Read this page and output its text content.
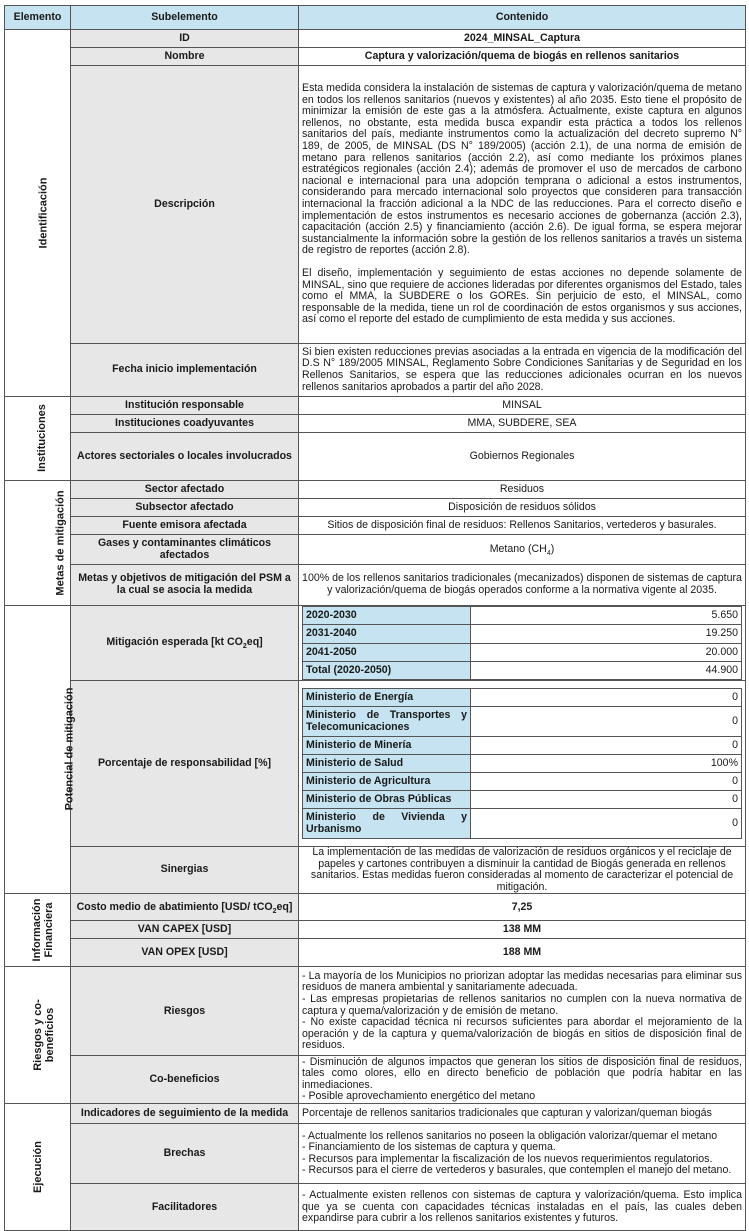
Elemento	Subelemento	Contenido
Identificación	ID	2024_MINSAL_Captura
Nombre	Captura y valorización/quema de biogás en rellenos sanitarios
Descripción	

Esta medida considera la instalación de sistemas de captura y valorización/quema de metano en todos los rellenos sanitarios (nuevos y existentes) al año 2035. Esto tiene el propósito de minimizar la emisión de este gas a la atmósfera. Actualmente, existe captura en algunos rellenos, no obstante, esta medida busca expandir esta práctica a todos los rellenos sanitarios del país, mediante instrumentos como la actualización del decreto supremo N° 189, de 2005, de MINSAL (DS N° 189/2005) (acción 2.1), de una norma de emisión de metano para rellenos sanitarios (acción 2.2), así como mediante los próximos planes estratégicos regionales (acción 2.4); además de promover el uso de mercados de carbono nacional e internacional para una adopción temprana o adicional a estos instrumentos, considerando para mercado internacional solo proyectos que consideren para transacción internacional la fracción adicional a la NDC de las reducciones. Para el correcto diseño e implementación de estos instrumentos es necesario acciones de gobernanza (acción 2.3), capacitación (acción 2.5) y financiamiento (acción 2.6). De igual forma, se espera mejorar sustancialmente la información sobre la gestión de los rellenos sanitarios a través un sistema de registro de reportes (acción 2.8).

El diseño, implementación y seguimiento de estas acciones no depende solamente de MINSAL, sino que requiere de acciones lideradas por diferentes organismos del Estado, tales como el MMA, la SUBDERE o los GOREs. Sin perjuicio de esto, el MINSAL, como responsable de la medida, tiene un rol de coordinación de estos organismos y sus acciones, así como el reporte del estado de cumplimiento de esta medida y sus acciones.

Fecha inicio implementación	Si bien existen reducciones previas asociadas a la entrada en vigencia de la modificación del D.S N° 189/2005 MINSAL, Reglamento Sobre Condiciones Sanitarias y de Seguridad en los Rellenos Sanitarios, se espera que las reducciones adicionales ocurran en los nuevos rellenos sanitarios aprobados a partir del año 2028.
Instituciones	Institución responsable	MINSAL
Instituciones coadyuvantes	MMA, SUBDERE, SEA
Actores sectoriales o locales involucrados	Gobiernos Regionales
Metas de mitigación	Sector afectado	Residuos
Subsector afectado	Disposición de residuos sólidos
Fuente emisora afectada	Sitios de disposición final de residuos: Rellenos Sanitarios, vertederos y basurales.
Gases y contaminantes climáticos afectados	Metano $(CH_4)$
Metas y objetivos de mitigación del PSM a la cual se asocia la medida	100% de los rellenos sanitarios tradicionales (mecanizados) disponen de sistemas de captura y valorización/quema de biogás operados conforme a la normativa vigente al 2035.
Potencial de mitigación	Mitigación esperada [kt $CO_2eq$]	
2020-2030	5.650
2031-2040	19.250
2041-2050	20.000
Total (2020-2050)	44.900

Porcentaje de responsabilidad [%]	
Ministerio de Energía	0
Ministerio de Transportes y Telecomunicaciones	0
Ministerio de Minería	0
Ministerio de Salud	100%
Ministerio de Agricultura	0
Ministerio de Obras Públicas	0
Ministerio de Vivienda y Urbanismo	0

Sinergias	La implementación de las medidas de valorización de residuos orgánicos y el reciclaje de papeles y cartones contribuyen a disminuir la cantidad de Biogás generada en rellenos sanitarios. Estas medidas fueron consideradas al momento de caracterizar el potencial de mitigación.
Información Financiera	Costo medio de abatimiento [USD/ tCO$_2$eq]	7,25
VAN CAPEX [USD]	138 MM
VAN OPEX [USD]	188 MM
Riesgos y co-beneficios	Riesgos	
- La mayoría de los Municipios no priorizan adoptar las medidas necesarias para eliminar sus residuos de manera ambiental y sanitariamente adecuada.
- Las empresas propietarias de rellenos sanitarios no cumplen con la nueva normativa de captura y quema/valorización y de emisión de metano.
- No existe capacidad técnica ni recursos suficientes para abordar el mejoramiento de la operación y de la captura y quema/valorización de biogás en sitios de disposición final de residuos.

Co-beneficios	
- Disminución de algunos impactos que generan los sitios de disposición final de residuos, tales como olores, ello en directo beneficio de población que podría habitar en las inmediaciones.
- Posible aprovechamiento energético del metano

Ejecución	Indicadores de seguimiento de la medida	Porcentaje de rellenos sanitarios tradicionales que capturan y valorizan/queman biogás
Brechas	
- Actualmente los rellenos sanitarios no poseen la obligación valorizar/quemar el metano
- Financiamiento de los sistemas de captura y quema.
- Recursos para implementar la fiscalización de los nuevos requerimientos regulatorios.
- Recursos para el cierre de vertederos y basurales, que contemplen el manejo del metano.

Facilitadores	- Actualmente existen rellenos con sistemas de captura y valorización/quema. Esto implica que ya se cuenta con capacidades técnicas instaladas en el país, las cuales deben expandirse para cubrir a los rellenos sanitarios existentes y futuros.
